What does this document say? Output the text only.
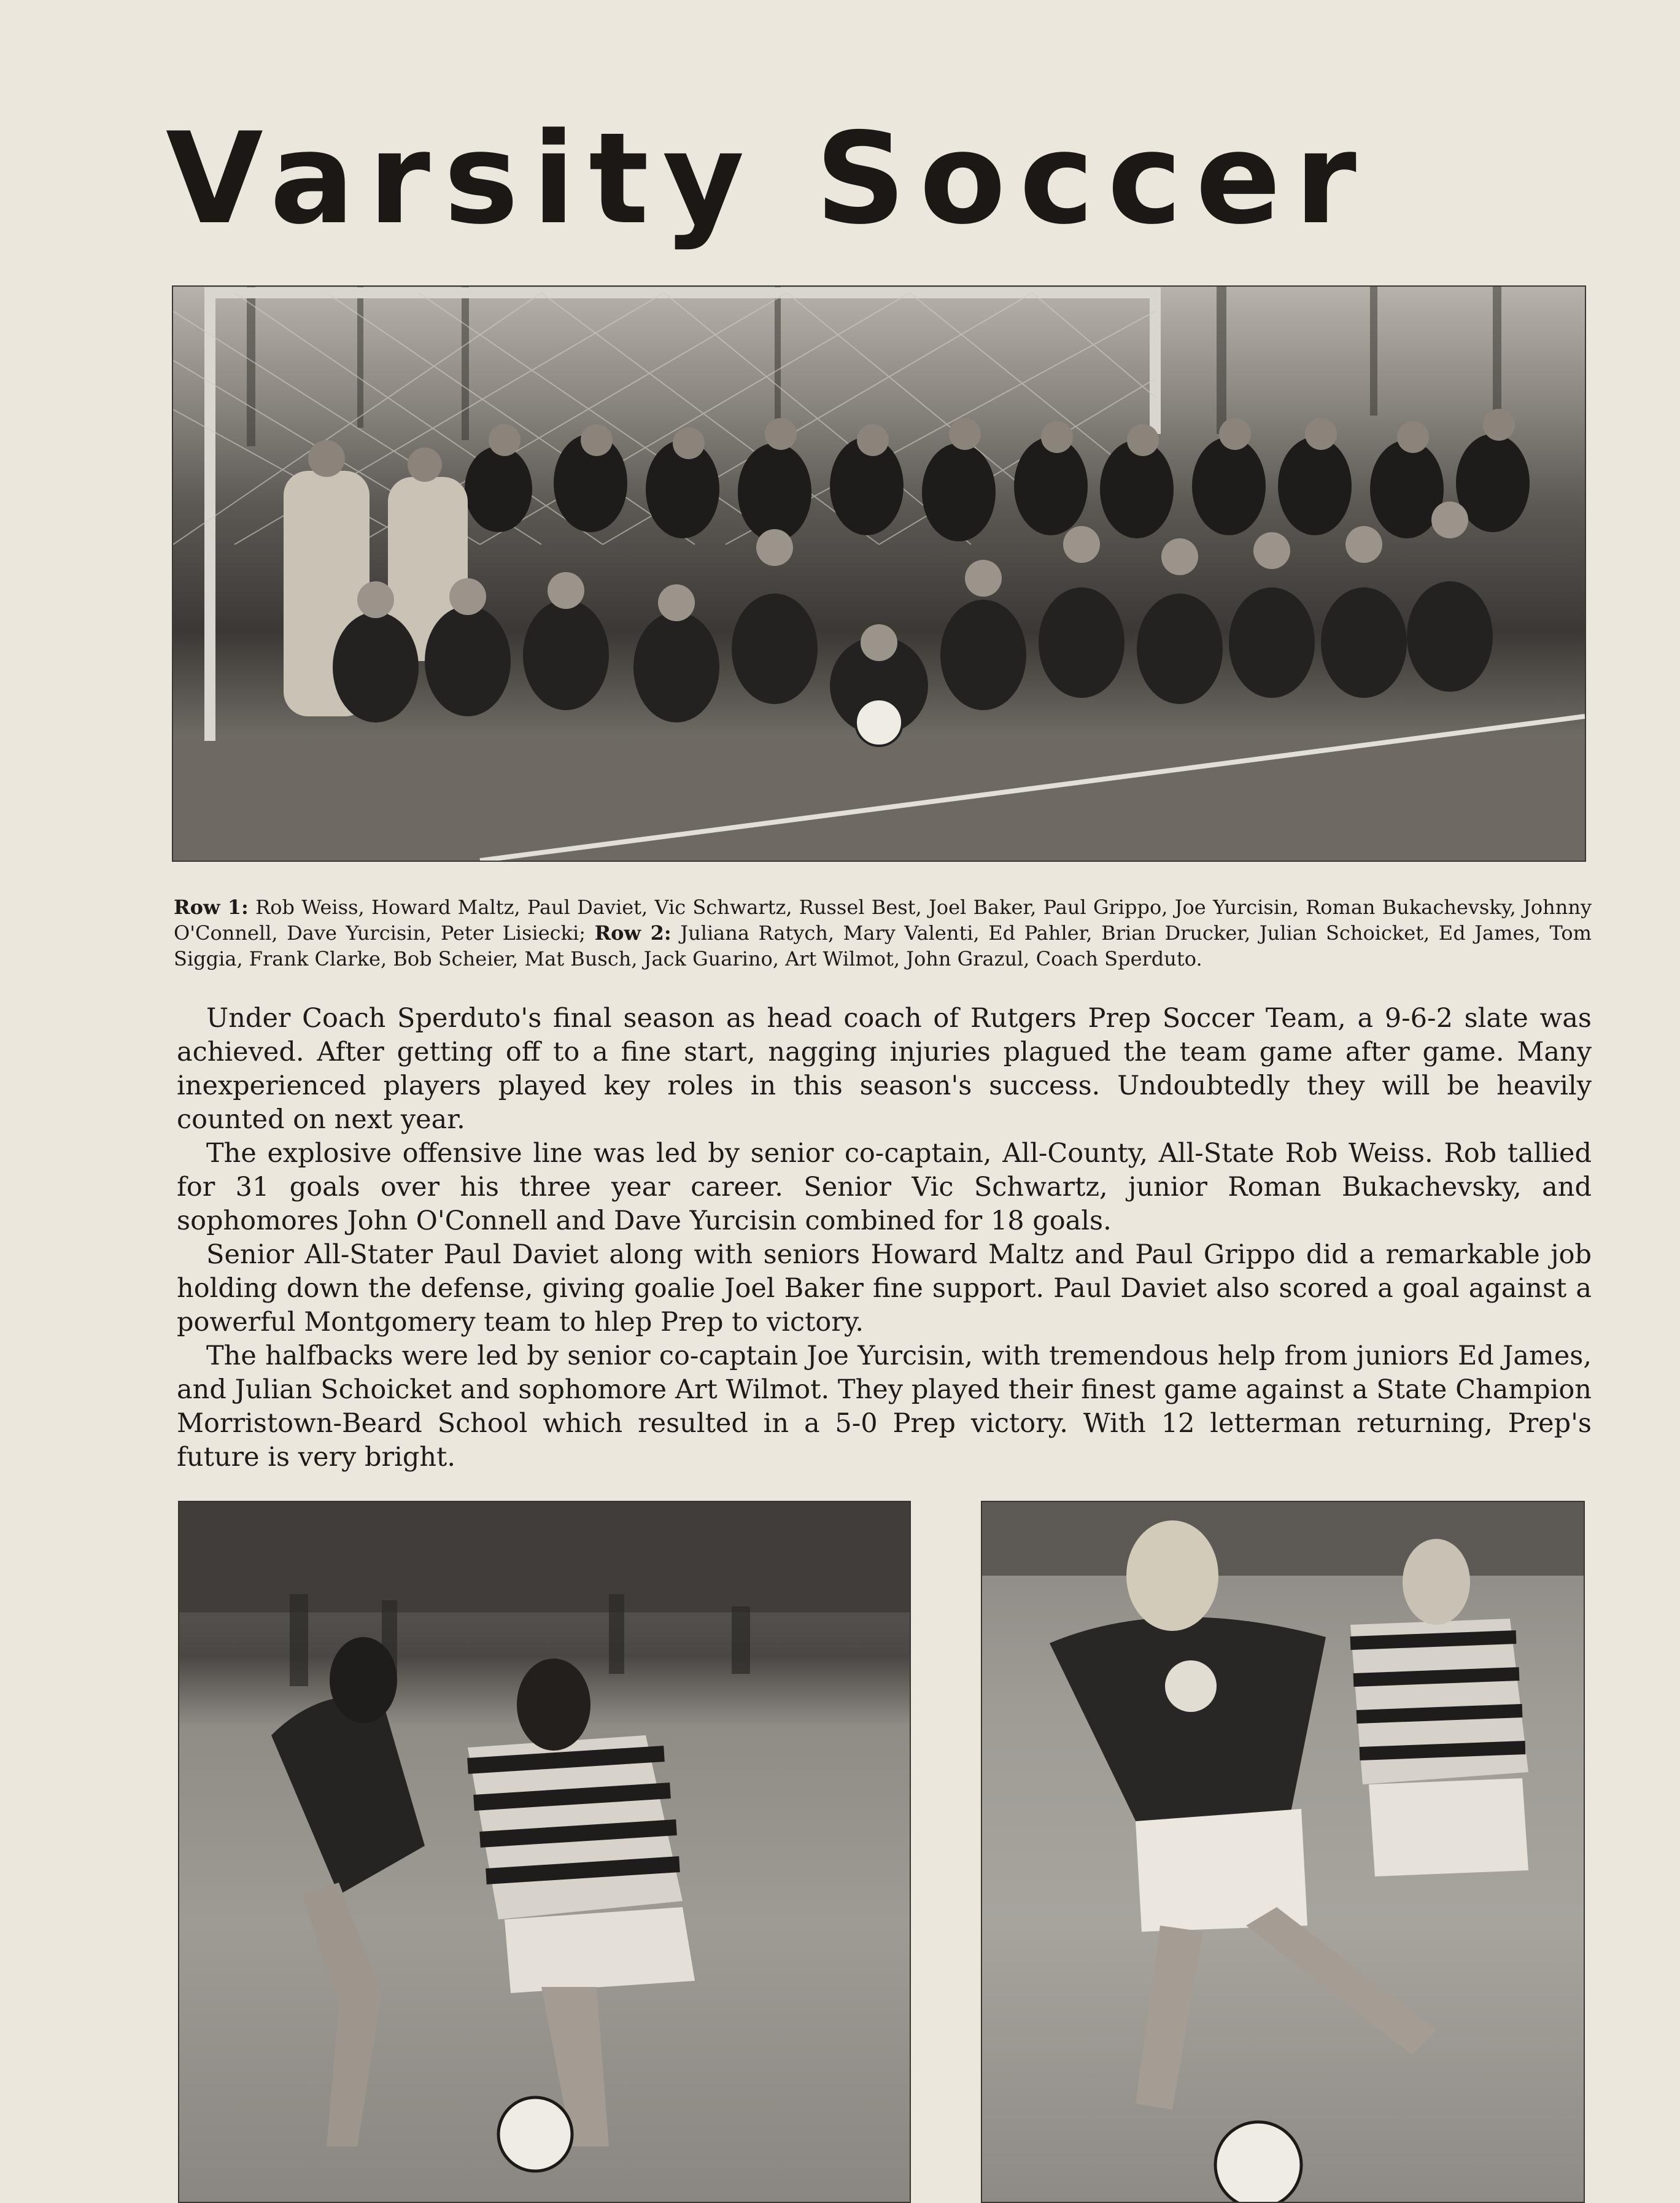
Varsity Soccer
Row 1: Rob Weiss, Howard Maltz, Paul Daviet, Vic Schwartz, Russel Best, Joel Baker, Paul Grippo, Joe Yurcisin, Roman Bukachevsky, Johnny O'Connell, Dave Yurcisin, Peter Lisiecki; Row 2: Juliana Ratych, Mary Valenti, Ed Pahler, Brian Drucker, Julian Schoicket, Ed James, Tom Siggia, Frank Clarke, Bob Scheier, Mat Busch, Jack Guarino, Art Wilmot, John Grazul, Coach Sperduto.

Under Coach Sperduto's final season as head coach of Rutgers Prep Soccer Team, a 9-6-2 slate was achieved. After getting off to a fine start, nagging injuries plagued the team game after game. Many inexperienced players played key roles in this season's success. Undoubtedly they will be heavily counted on next year.

The explosive offensive line was led by senior co-captain, All-County, All-State Rob Weiss. Rob tallied for 31 goals over his three year career. Senior Vic Schwartz, junior Roman Bukachevsky, and sophomores John O'Connell and Dave Yurcisin combined for 18 goals.

Senior All-Stater Paul Daviet along with seniors Howard Maltz and Paul Grippo did a remarkable job holding down the defense, giving goalie Joel Baker fine support. Paul Daviet also scored a goal against a powerful Montgomery team to hlep Prep to victory.

The halfbacks were led by senior co-captain Joe Yurcisin, with tremendous help from juniors Ed James, and Julian Schoicket and sophomore Art Wilmot. They played their finest game against a State Champion Morristown-Beard School which resulted in a 5-0 Prep victory. With 12 letterman returning, Prep's future is very bright.
